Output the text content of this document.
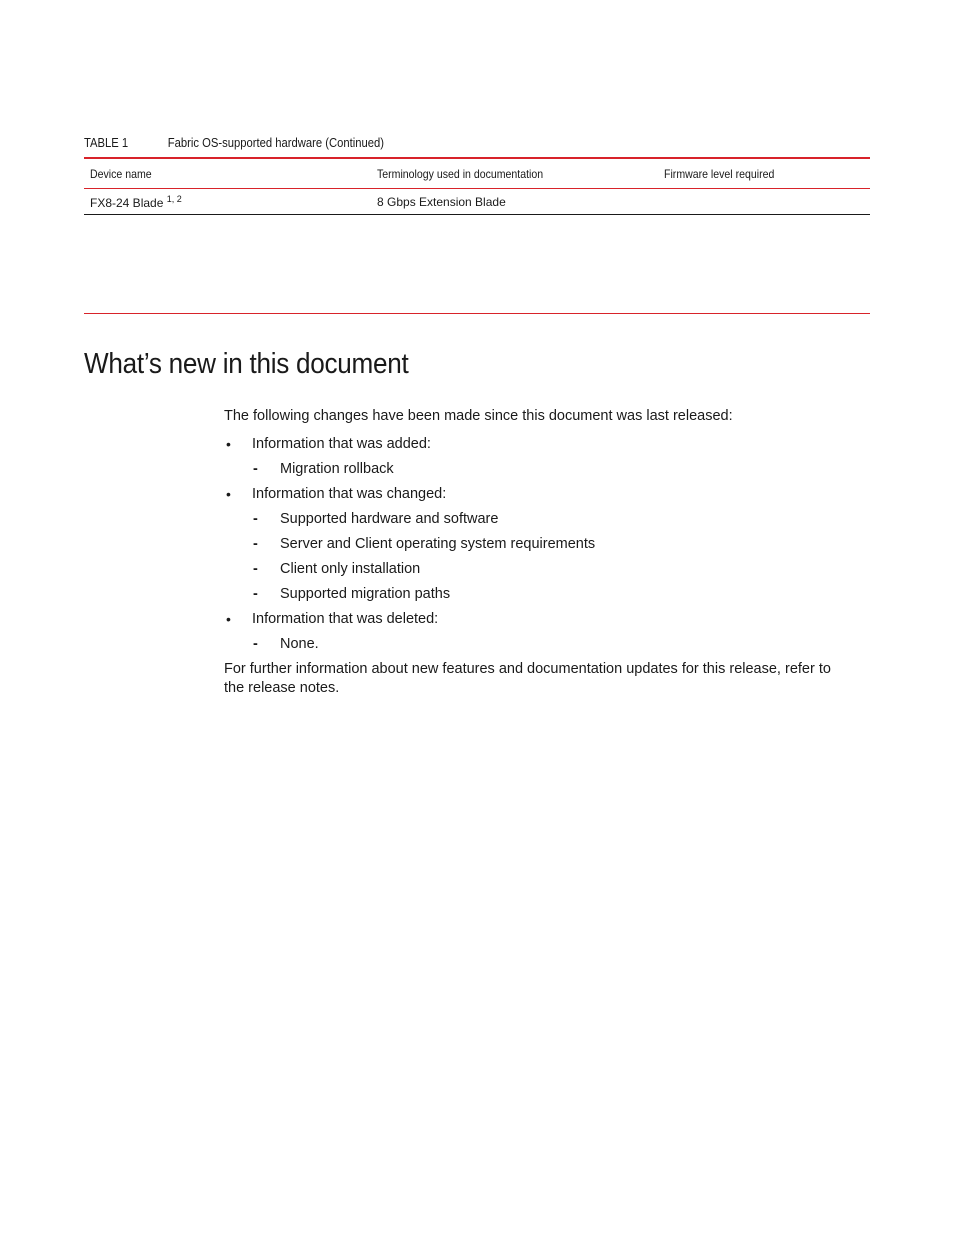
TABLE 1	Fabric OS-supported hardware (Continued)
Device name	Terminology used in documentation	Firmware level required
FX8-24 Blade $^{1, 2}$	8 Gbps Extension Blade	
What’s new in this document

The following changes have been made since this document was last released:

• Information that was added:
- Migration rollback
• Information that was changed:
- Supported hardware and software
- Server and Client operating system requirements
- Client only installation
- Supported migration paths
• Information that was deleted:
- None.

For further information about new features and documentation updates for this release, refer to the release notes.
